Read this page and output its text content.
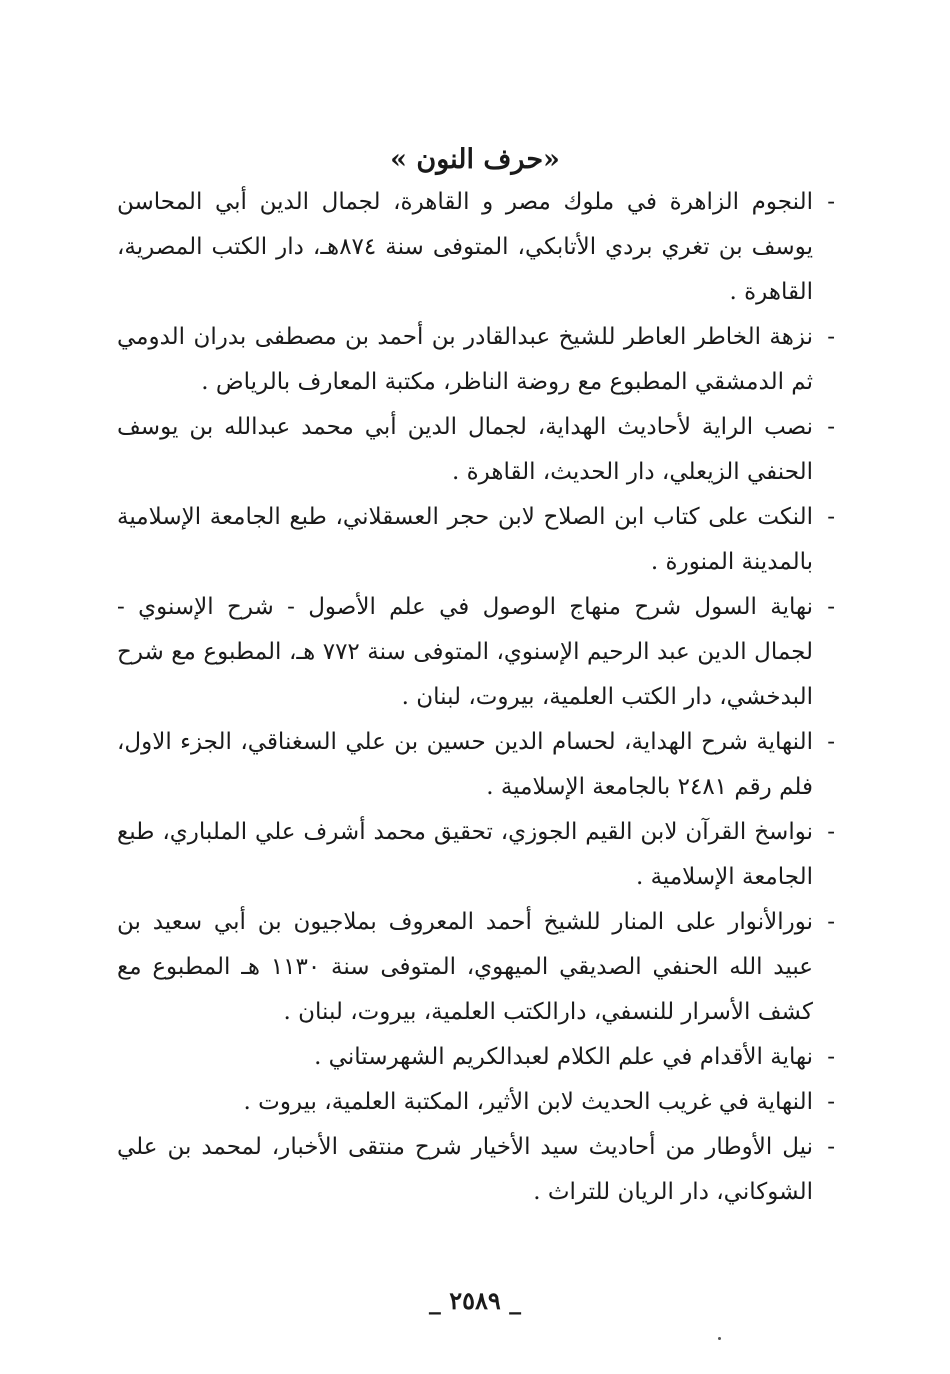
«حرف النون »
-
النجوم الزاهرة في ملوك مصر و القاهرة، لجمال الدين أبي المحاسن يوسف بن تغري بردي الأتابكي، المتوفى سنة ٨٧٤هـ، دار الكتب المصرية، القاهرة .
-
نزهة الخاطر العاطر للشيخ عبدالقادر بن أحمد بن مصطفى بدران الدومي ثم الدمشقي المطبوع مع روضة الناظر، مكتبة المعارف بالرياض .
-
نصب الراية لأحاديث الهداية، لجمال الدين أبي محمد عبدالله بن يوسف الحنفي الزيعلي، دار الحديث، القاهرة .
-
النكت على كتاب ابن الصلاح لابن حجر العسقلاني، طبع الجامعة الإسلامية بالمدينة المنورة .
-
نهاية السول شرح منهاج الوصول في علم الأصول - شرح الإسنوي - لجمال الدين عبد الرحيم الإسنوي، المتوفى سنة ٧٧٢ هـ، المطبوع مع شرح البدخشي، دار الكتب العلمية، بيروت، لبنان .
-
النهاية شرح الهداية، لحسام الدين حسين بن علي السغناقي، الجزء الاول، فلم رقم ٢٤٨١ بالجامعة الإسلامية .
-
نواسخ القرآن لابن القيم الجوزي، تحقيق محمد أشرف علي الملباري، طبع الجامعة الإسلامية .
-
نورالأنوار على المنار للشيخ أحمد المعروف بملاجيون بن أبي سعيد بن عبيد الله الحنفي الصديقي الميهوي، المتوفى سنة ١١٣٠ هـ المطبوع مع كشف الأسرار للنسفي، دارالكتب العلمية، بيروت، لبنان .
-
نهاية الأقدام في علم الكلام لعبدالكريم الشهرستاني .
-
النهاية في غريب الحديث لابن الأثير، المكتبة العلمية، بيروت .
-
نيل الأوطار من أحاديث سيد الأخيار شرح منتقى الأخبار، لمحمد بن علي الشوكاني، دار الريان للتراث .
_ ٢٥٨٩ _
